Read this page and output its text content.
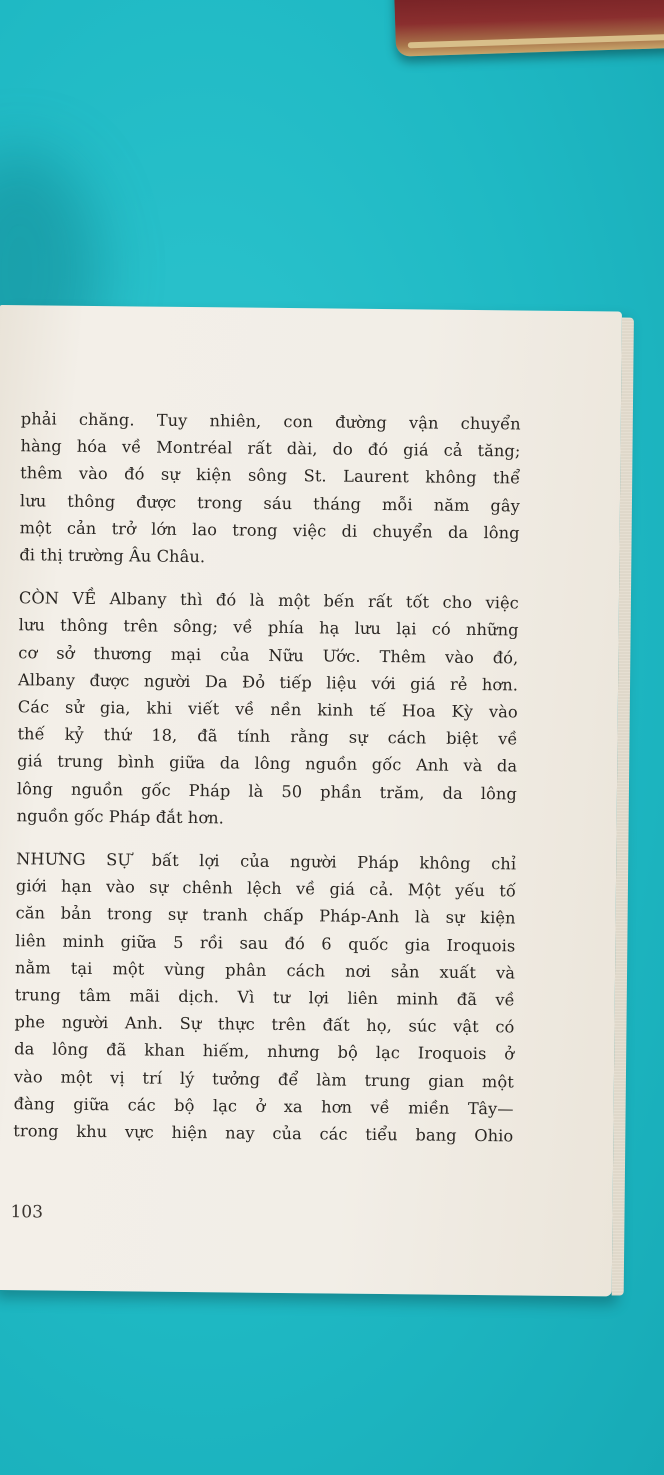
phải chăng. Tuy nhiên, con đường vận chuyển
hàng hóa về Montréal rất dài, do đó giá cả tăng;
thêm vào đó sự kiện sông St. Laurent không thể
lưu thông được trong sáu tháng mỗi năm gây
một cản trở lớn lao trong việc di chuyển da lông
đi thị trường Âu Châu.

CÒN VỀ Albany thì đó là một bến rất tốt cho việc
lưu thông trên sông; về phía hạ lưu lại có những
cơ sở thương mại của Nữu Ước. Thêm vào đó,
Albany được người Da Đỏ tiếp liệu với giá rẻ hơn.
Các sử gia, khi viết về nền kinh tế Hoa Kỳ vào
thế kỷ thứ 18, đã tính rằng sự cách biệt về
giá trung bình giữa da lông nguồn gốc Anh và da
lông nguồn gốc Pháp là 50 phần trăm, da lông
nguồn gốc Pháp đắt hơn.

NHƯNG SỰ bất lợi của người Pháp không chỉ
giới hạn vào sự chênh lệch về giá cả. Một yếu tố
căn bản trong sự tranh chấp Pháp-Anh là sự kiện
liên minh giữa 5 rồi sau đó 6 quốc gia Iroquois
nằm tại một vùng phân cách nơi sản xuất và
trung tâm mãi dịch. Vì tư lợi liên minh đã về
phe người Anh. Sự thực trên đất họ, súc vật có
da lông đã khan hiếm, nhưng bộ lạc Iroquois ở
vào một vị trí lý tưởng để làm trung gian một
đàng giữa các bộ lạc ở xa hơn về miền Tây—
trong khu vực hiện nay của các tiểu bang Ohio

103
